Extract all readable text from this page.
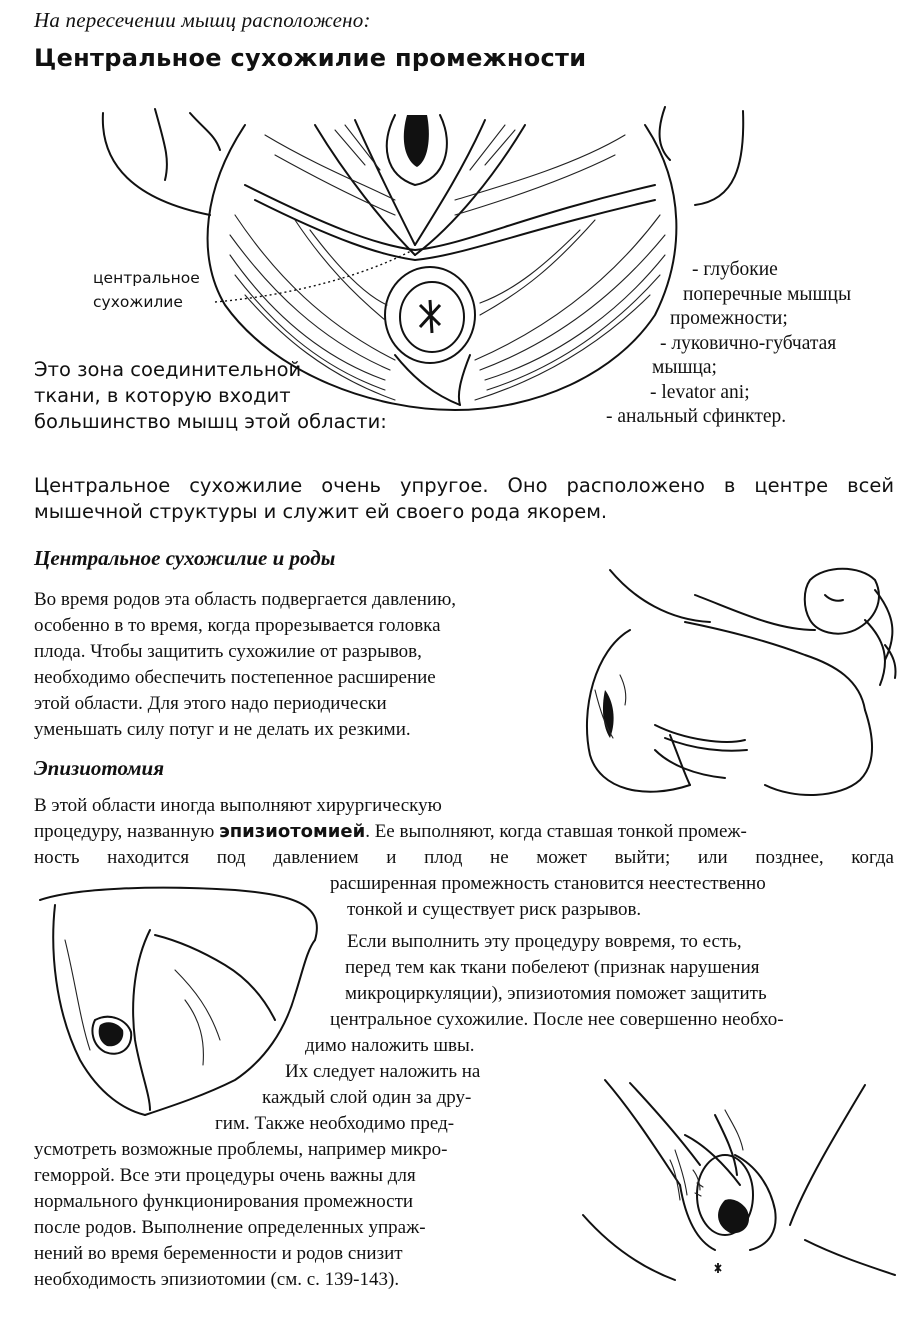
На пересечении мышц расположено:
Центральное сухожилие промежности
центральное
сухожилие
Это зона соединительной
ткани, в которую входит
большинство мышц этой области:
- глубокие
поперечные мышцы
промежности;
- луковично-губчатая
мышца;
- levator ani;
- анальный сфинктер.
Центральное сухожилие очень упругое. Оно расположено в центре всей
мышечной структуры и служит ей своего рода якорем.
Центральное сухожилие и роды
Во время родов эта область подвергается давлению,
особенно в то время, когда прорезывается головка
плода. Чтобы защитить сухожилие от разрывов,
необходимо обеспечить постепенное расширение
этой области. Для этого надо периодически
уменьшать силу потуг и не делать их резкими.
Эпизиотомия
В этой области иногда выполняют хирургическую
процедуру, названную эпизиотомией. Ее выполняют, когда ставшая тонкой промеж-
ность находится под давлением и плод не может выйти; или позднее, когда
расширенная промежность становится неестественно
тонкой и существует риск разрывов.
Если выполнить эту процедуру вовремя, то есть,
перед тем как ткани побелеют (признак нарушения
микроциркуляции), эпизиотомия поможет защитить
центральное сухожилие. После нее совершенно необхо-
димо наложить швы.
Их следует наложить на
каждый слой один за дру-
гим. Также необходимо пред-
усмотреть возможные проблемы, например микро-
геморрой. Все эти процедуры очень важны для
нормального функционирования промежности
после родов. Выполнение определенных упраж-
нений во время беременности и родов снизит
необходимость эпизиотомии (см. с. 139-143).
